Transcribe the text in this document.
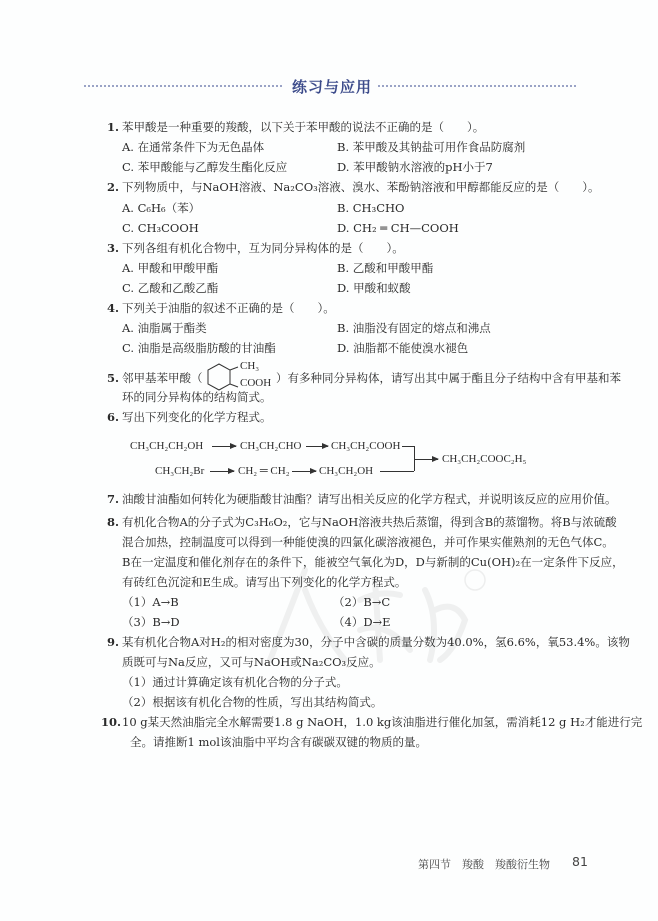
练习与应用
1. 苯甲酸是一种重要的羧酸，以下关于苯甲酸的说法不正确的是（　　）。
A. 在通常条件下为无色晶体	B. 苯甲酸及其钠盐可用作食品防腐剂
C. 苯甲酸能与乙醇发生酯化反应	D. 苯甲酸钠水溶液的pH小于7
2. 下列物质中，与NaOH溶液、Na₂CO₃溶液、溴水、苯酚钠溶液和甲醇都能反应的是（　　）。
A. C₆H₆（苯）	B. CH₃CHO
C. CH₃COOH	D. CH₂ ═ CH—COOH
3. 下列各组有机化合物中，互为同分异构体的是（　　）。
A. 甲酸和甲酸甲酯	B. 乙酸和甲酸甲酯
C. 乙酸和乙酸乙酯	D. 甲酸和蚁酸
4. 下列关于油脂的叙述不正确的是（　　）。
A. 油脂属于酯类	B. 油脂没有固定的熔点和沸点
C. 油脂是高级脂肪酸的甘油酯	D. 油脂都不能使溴水褪色
5. 邻甲基苯甲酸（
CH₃
COOH ）有多种同分异构体，请写出其中属于酯且分子结构中含有甲基和苯
环的同分异构体的结构简式。
6. 写出下列变化的化学方程式。
CH₃CH₂CH₂OH → CH₃CH₂CHO → CH₃CH₂COOH
CH₃CH₂Br → CH₂ ═ CH₂ → CH₃CH₂OH
→ CH₃CH₂COOC₂H₅
7. 油酸甘油酯如何转化为硬脂酸甘油酯？请写出相关反应的化学方程式，并说明该反应的应用价值。
8. 有机化合物A的分子式为C₃H₆O₂，它与NaOH溶液共热后蒸馏，得到含B的蒸馏物。将B与浓硫酸
混合加热，控制温度可以得到一种能使溴的四氯化碳溶液褪色，并可作果实催熟剂的无色气体C。
B在一定温度和催化剂存在的条件下，能被空气氧化为D，D与新制的Cu(OH)₂在一定条件下反应，
有砖红色沉淀和E生成。请写出下列变化的化学方程式。
（1）A→B	（2）B→C
（3）B→D	（4）D→E
9. 某有机化合物A对H₂的相对密度为30，分子中含碳的质量分数为40.0%，氢6.6%，氧53.4%。该物
质既可与Na反应，又可与NaOH或Na₂CO₃反应。
（1）通过计算确定该有机化合物的分子式。
（2）根据该有机化合物的性质，写出其结构简式。
10. 10 g某天然油脂完全水解需要1.8 g NaOH，1.0 kg该油脂进行催化加氢，需消耗12 g H₂才能进行完
全。请推断1 mol该油脂中平均含有碳碳双键的物质的量。
第四节　羧酸　羧酸衍生物 81
